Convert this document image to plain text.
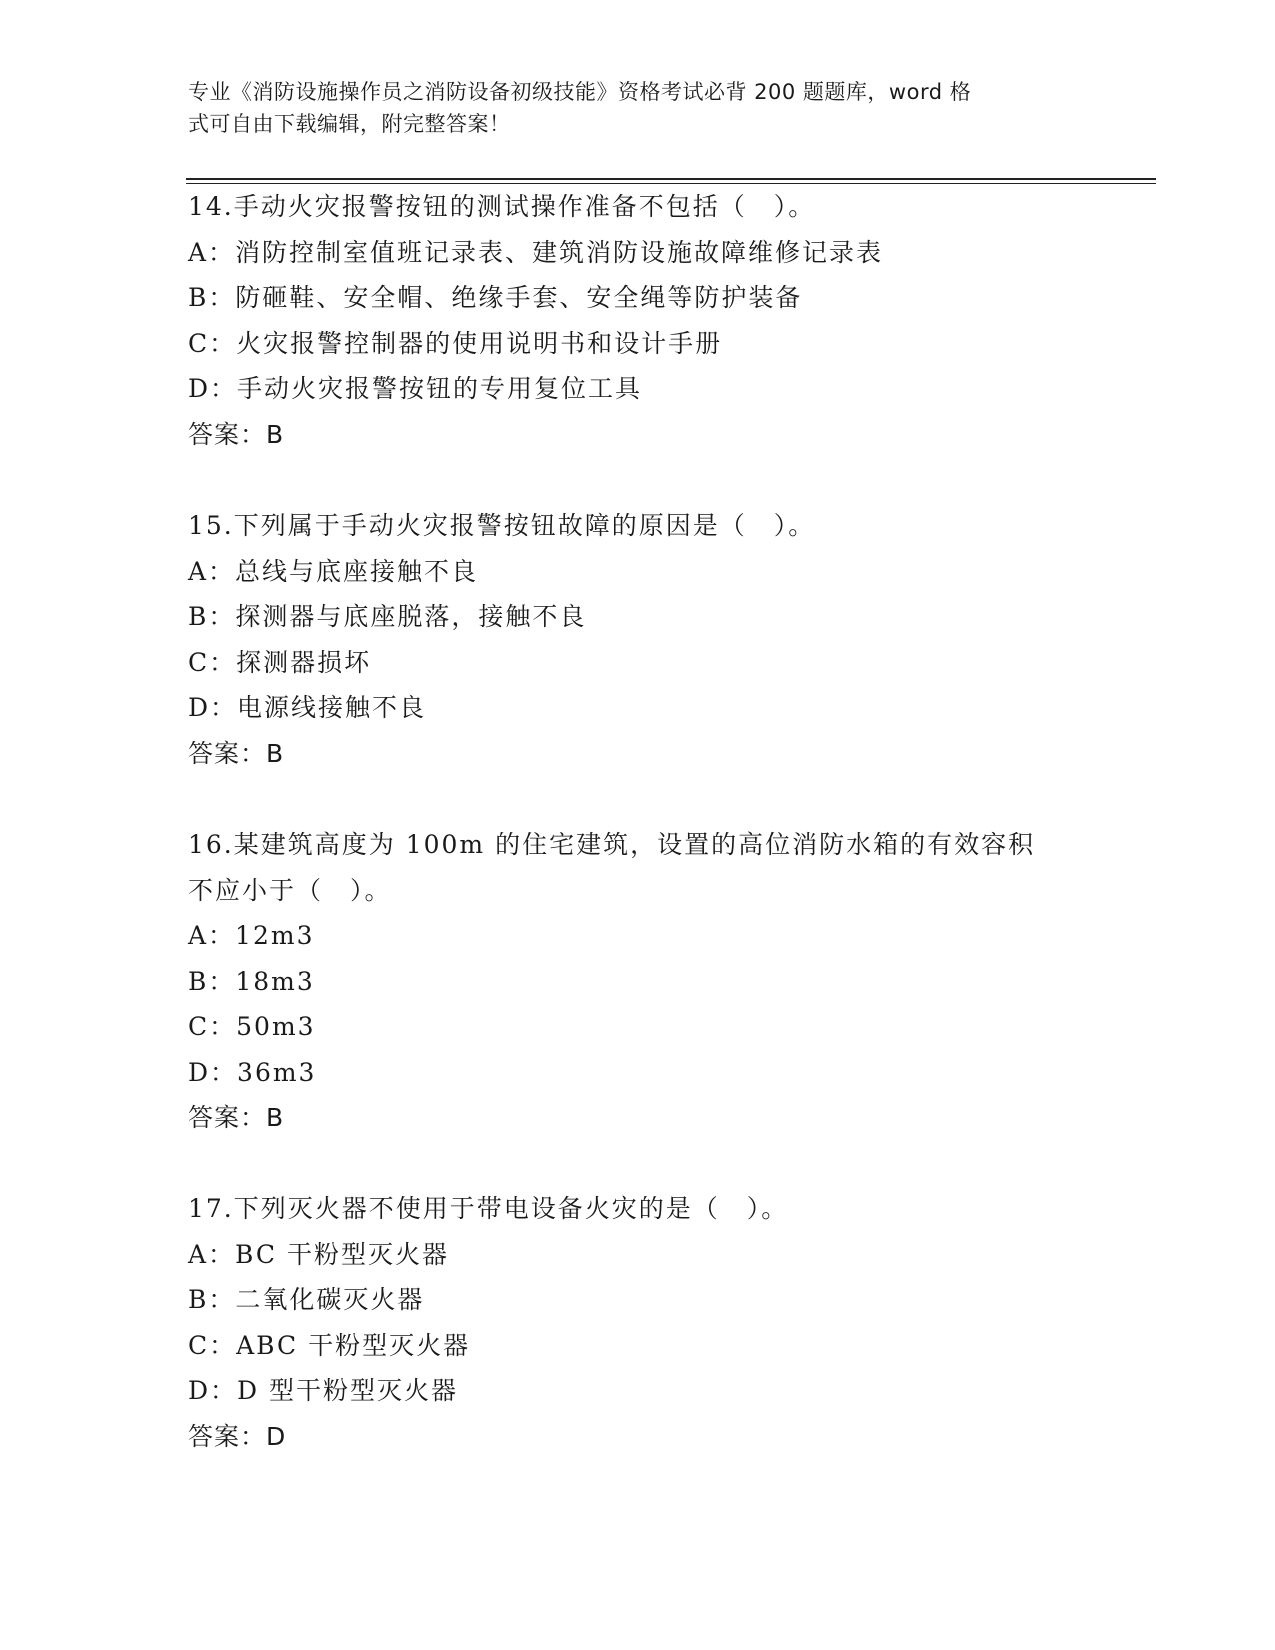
专业《消防设施操作员之消防设备初级技能》资格考试必背 200 题题库，word 格
式可自由下载编辑，附完整答案！
14.手动火灾报警按钮的测试操作准备不包括（　）。
A：消防控制室值班记录表、建筑消防设施故障维修记录表
B：防砸鞋、安全帽、绝缘手套、安全绳等防护装备
C：火灾报警控制器的使用说明书和设计手册
D：手动火灾报警按钮的专用复位工具
答案：B
15.下列属于手动火灾报警按钮故障的原因是（　）。
A：总线与底座接触不良
B：探测器与底座脱落，接触不良
C：探测器损坏
D：电源线接触不良
答案：B
16.某建筑高度为 100m 的住宅建筑，设置的高位消防水箱的有效容积
不应小于（　）。
A：12m3
B：18m3
C：50m3
D：36m3
答案：B
17.下列灭火器不使用于带电设备火灾的是（　）。
A：BC 干粉型灭火器
B：二氧化碳灭火器
C：ABC 干粉型灭火器
D：D 型干粉型灭火器
答案：D
